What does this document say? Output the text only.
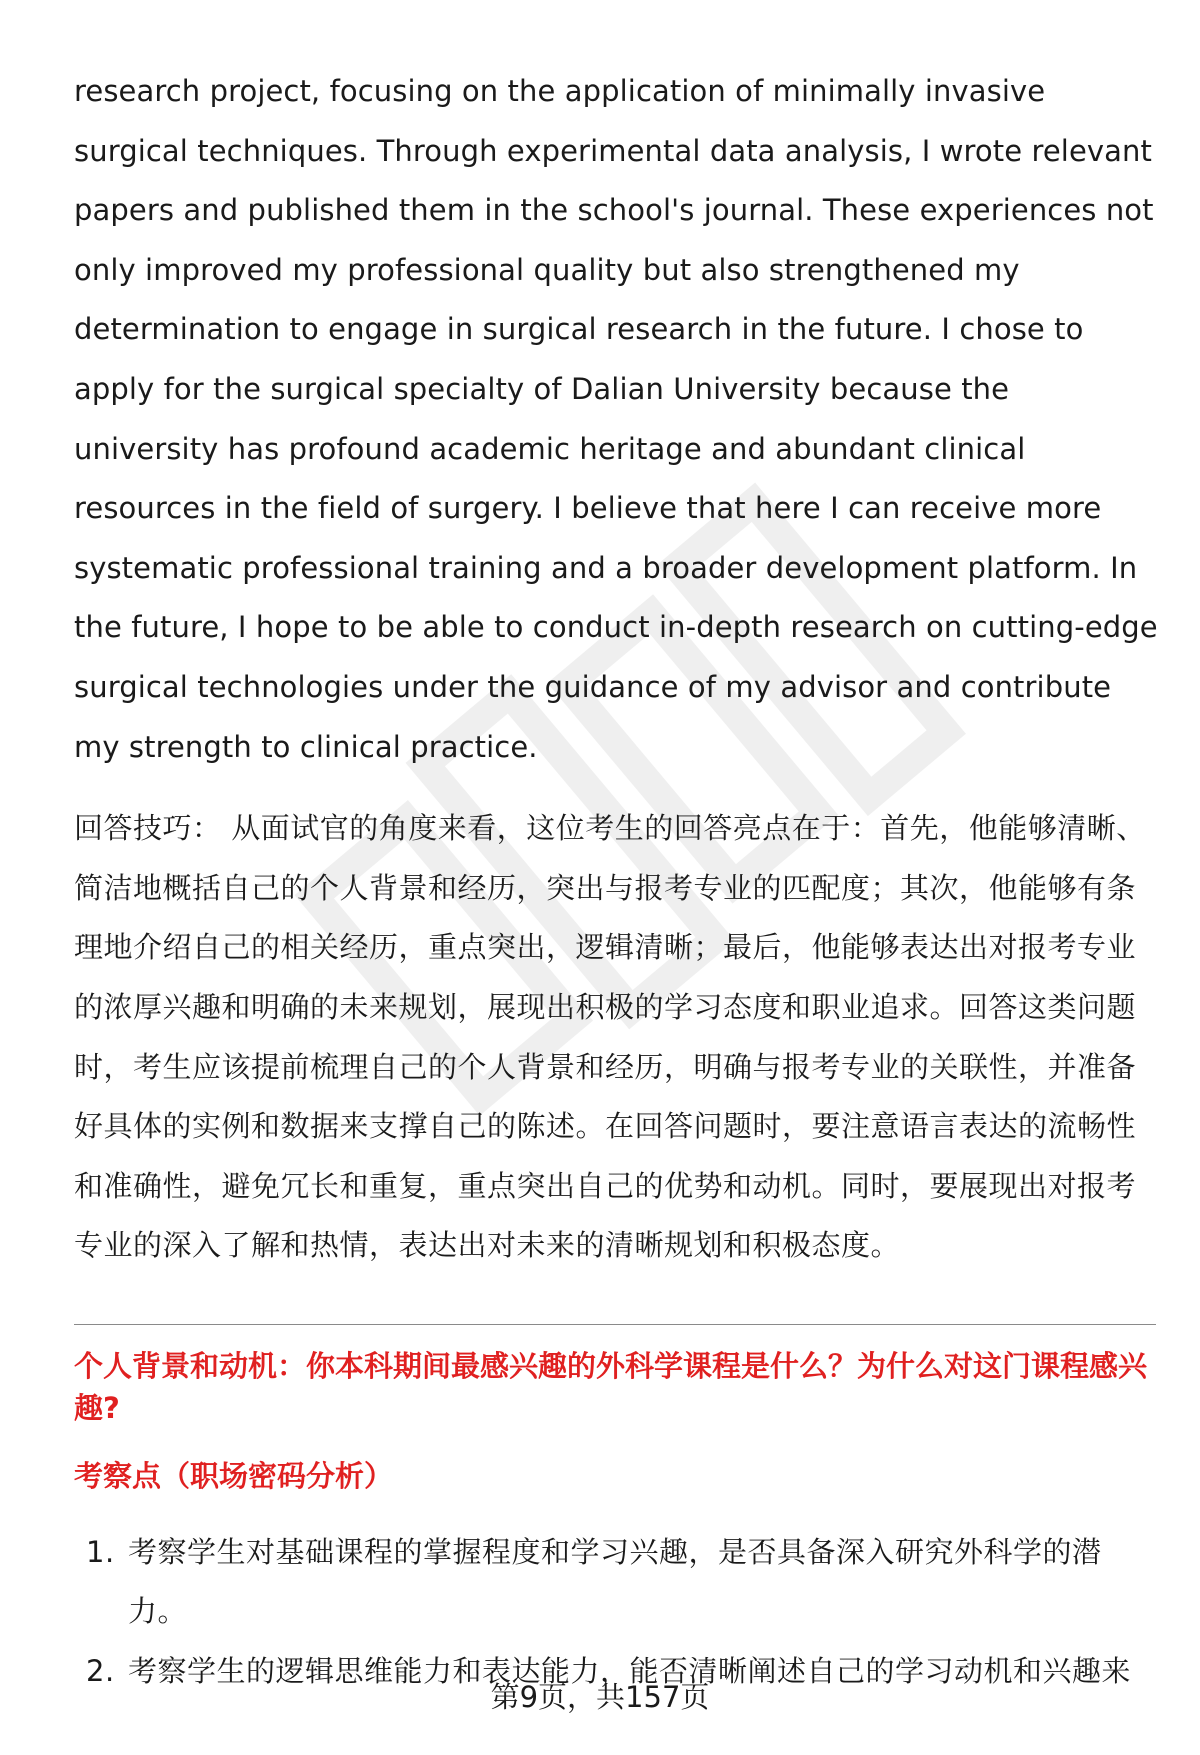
research project, focusing on the application of minimally invasive surgical techniques. Through experimental data analysis, I wrote relevant papers and published them in the school's journal. These experiences not only improved my professional quality but also strengthened my determination to engage in surgical research in the future. I chose to apply for the surgical specialty of Dalian University because the university has profound academic heritage and abundant clinical resources in the field of surgery. I believe that here I can receive more systematic professional training and a broader development platform. In the future, I hope to be able to conduct in-depth research on cutting-edge surgical technologies under the guidance of my advisor and contribute my strength to clinical practice.

回答技巧： 从面试官的角度来看，这位考生的回答亮点在于：首先，他能够清晰、简洁地概括自己的个人背景和经历，突出与报考专业的匹配度；其次，他能够有条理地介绍自己的相关经历，重点突出，逻辑清晰；最后，他能够表达出对报考专业的浓厚兴趣和明确的未来规划，展现出积极的学习态度和职业追求。回答这类问题时，考生应该提前梳理自己的个人背景和经历，明确与报考专业的关联性，并准备好具体的实例和数据来支撑自己的陈述。在回答问题时，要注意语言表达的流畅性和准确性，避免冗长和重复，重点突出自己的优势和动机。同时，要展现出对报考专业的深入了解和热情，表达出对未来的清晰规划和积极态度。

个人背景和动机：你本科期间最感兴趣的外科学课程是什么？为什么对这门课程感兴趣?
考察点（职场密码分析）
1. 考察学生对基础课程的掌握程度和学习兴趣，是否具备深入研究外科学的潜力。
2. 考察学生的逻辑思维能力和表达能力，能否清晰阐述自己的学习动机和兴趣来
第9页，共157页
